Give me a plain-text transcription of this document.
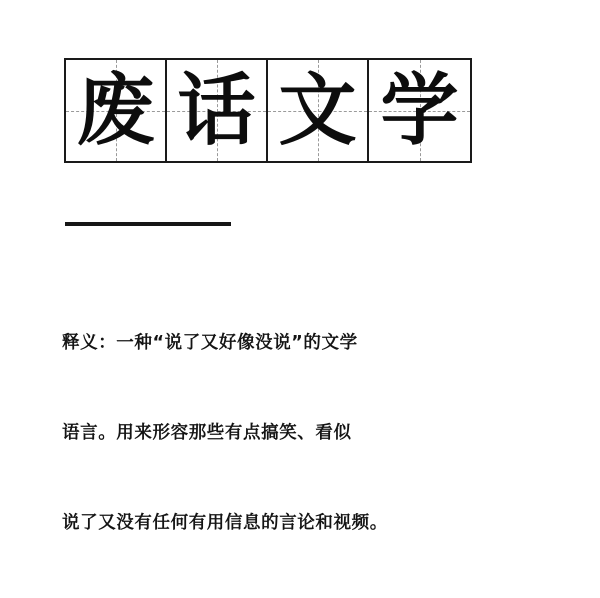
废 话 文 学

释义：一种“说了又好像没说”的文学

语言。用来形容那些有点搞笑、看似

说了又没有任何有用信息的言论和视频。
